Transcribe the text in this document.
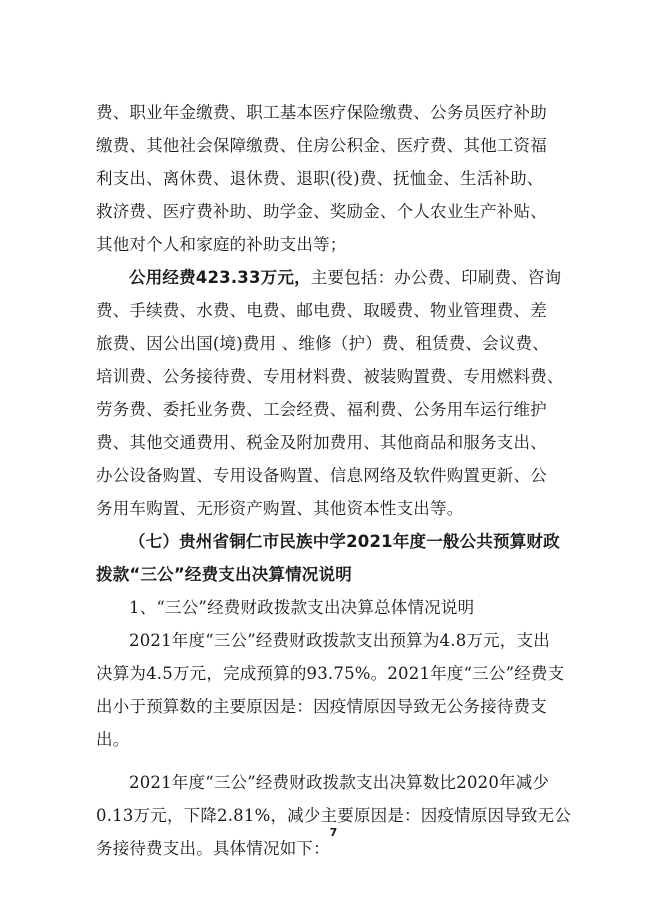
费、职业年金缴费、职工基本医疗保险缴费、公务员医疗补助
缴费、其他社会保障缴费、住房公积金、医疗费、其他工资福
利支出、离休费、退休费、退职(役)费、抚恤金、生活补助、
救济费、医疗费补助、助学金、奖励金、个人农业生产补贴、
其他对个人和家庭的补助支出等；
公用经费423.33万元，主要包括：办公费、印刷费、咨询
费、手续费、水费、电费、邮电费、取暖费、物业管理费、差
旅费、因公出国(境)费用 、维修（护）费、租赁费、会议费、
培训费、公务接待费、专用材料费、被装购置费、专用燃料费、
劳务费、委托业务费、工会经费、福利费、公务用车运行维护
费、其他交通费用、税金及附加费用、其他商品和服务支出、
办公设备购置、专用设备购置、信息网络及软件购置更新、公
务用车购置、无形资产购置、其他资本性支出等。
（七）贵州省铜仁市民族中学2021年度一般公共预算财政
拨款“三公”经费支出决算情况说明
1、“三公”经费财政拨款支出决算总体情况说明
2021年度“三公”经费财政拨款支出预算为4.8万元，支出
决算为4.5万元，完成预算的93.75%。2021年度“三公”经费支
出小于预算数的主要原因是：因疫情原因导致无公务接待费支
出。
2021年度“三公”经费财政拨款支出决算数比2020年减少
0.13万元，下降2.81%，减少主要原因是：因疫情原因导致无公
务接待费支出。具体情况如下：
7
